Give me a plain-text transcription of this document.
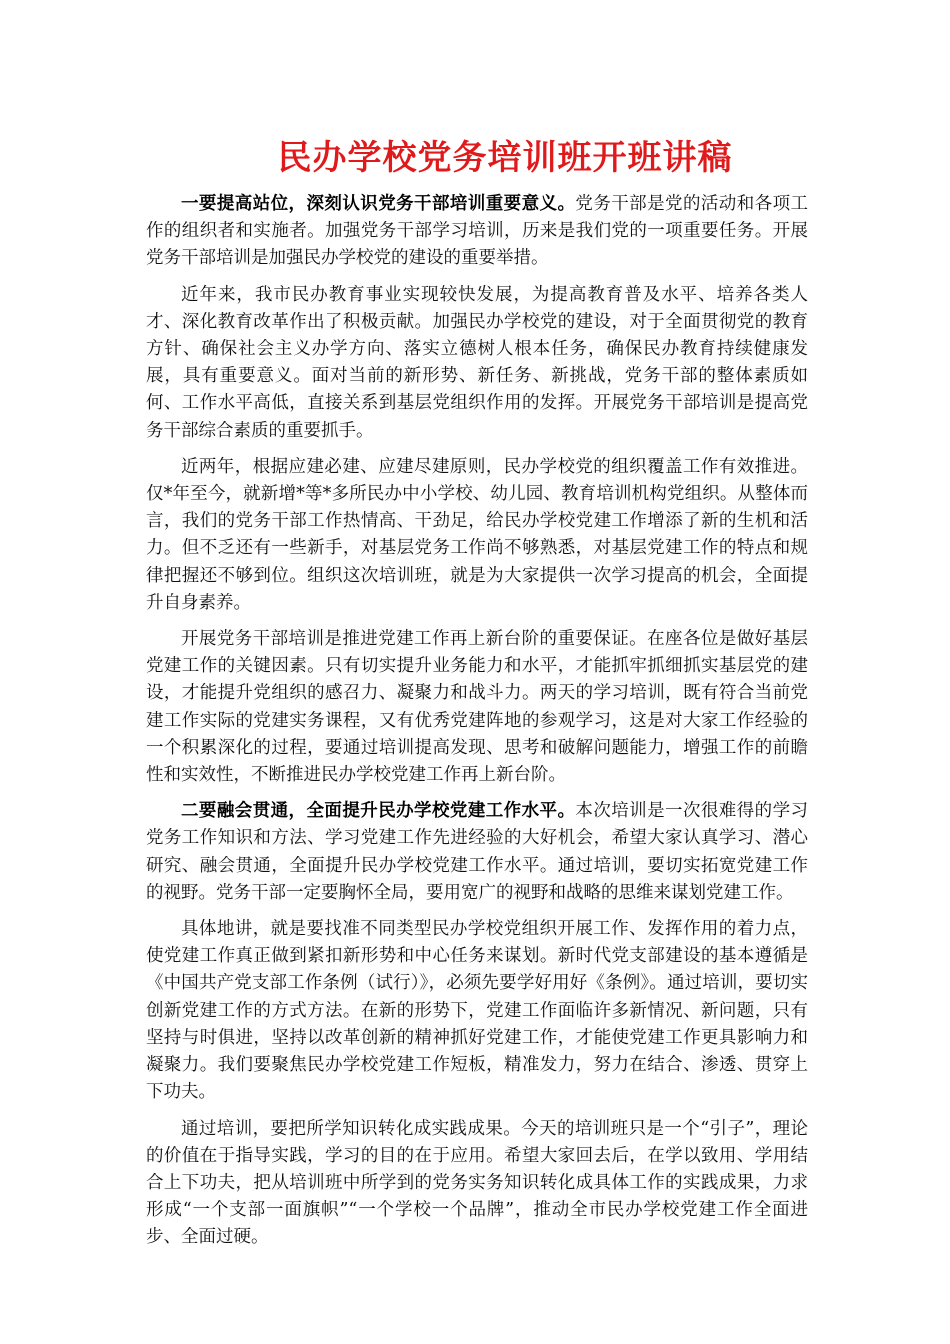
民办学校党务培训班开班讲稿

一要提高站位，深刻认识党务干部培训重要意义。党务干部是党的活动和各项工作的组织者和实施者。加强党务干部学习培训，历来是我们党的一项重要任务。开展党务干部培训是加强民办学校党的建设的重要举措。

近年来，我市民办教育事业实现较快发展，为提高教育普及水平、培养各类人才、深化教育改革作出了积极贡献。加强民办学校党的建设，对于全面贯彻党的教育方针、确保社会主义办学方向、落实立德树人根本任务，确保民办教育持续健康发展，具有重要意义。面对当前的新形势、新任务、新挑战，党务干部的整体素质如何、工作水平高低，直接关系到基层党组织作用的发挥。开展党务干部培训是提高党务干部综合素质的重要抓手。

近两年，根据应建必建、应建尽建原则，民办学校党的组织覆盖工作有效推进。仅*年至今，就新增*等*多所民办中小学校、幼儿园、教育培训机构党组织。从整体而言，我们的党务干部工作热情高、干劲足，给民办学校党建工作增添了新的生机和活力。但不乏还有一些新手，对基层党务工作尚不够熟悉，对基层党建工作的特点和规律把握还不够到位。组织这次培训班，就是为大家提供一次学习提高的机会，全面提升自身素养。

开展党务干部培训是推进党建工作再上新台阶的重要保证。在座各位是做好基层党建工作的关键因素。只有切实提升业务能力和水平，才能抓牢抓细抓实基层党的建设，才能提升党组织的感召力、凝聚力和战斗力。两天的学习培训，既有符合当前党建工作实际的党建实务课程，又有优秀党建阵地的参观学习，这是对大家工作经验的一个积累深化的过程，要通过培训提高发现、思考和破解问题能力，增强工作的前瞻性和实效性，不断推进民办学校党建工作再上新台阶。

二要融会贯通，全面提升民办学校党建工作水平。本次培训是一次很难得的学习党务工作知识和方法、学习党建工作先进经验的大好机会，希望大家认真学习、潜心研究、融会贯通，全面提升民办学校党建工作水平。通过培训，要切实拓宽党建工作的视野。党务干部一定要胸怀全局，要用宽广的视野和战略的思维来谋划党建工作。

具体地讲，就是要找准不同类型民办学校党组织开展工作、发挥作用的着力点，使党建工作真正做到紧扣新形势和中心任务来谋划。新时代党支部建设的基本遵循是《中国共产党支部工作条例（试行）》，必须先要学好用好《条例》。通过培训，要切实创新党建工作的方式方法。在新的形势下，党建工作面临许多新情况、新问题，只有坚持与时俱进，坚持以改革创新的精神抓好党建工作，才能使党建工作更具影响力和凝聚力。我们要聚焦民办学校党建工作短板，精准发力，努力在结合、渗透、贯穿上下功夫。

通过培训，要把所学知识转化成实践成果。今天的培训班只是一个“引子”，理论的价值在于指导实践，学习的目的在于应用。希望大家回去后，在学以致用、学用结合上下功夫，把从培训班中所学到的党务实务知识转化成具体工作的实践成果，力求形成“一个支部一面旗帜”“一个学校一个品牌”，推动全市民办学校党建工作全面进步、全面过硬。
